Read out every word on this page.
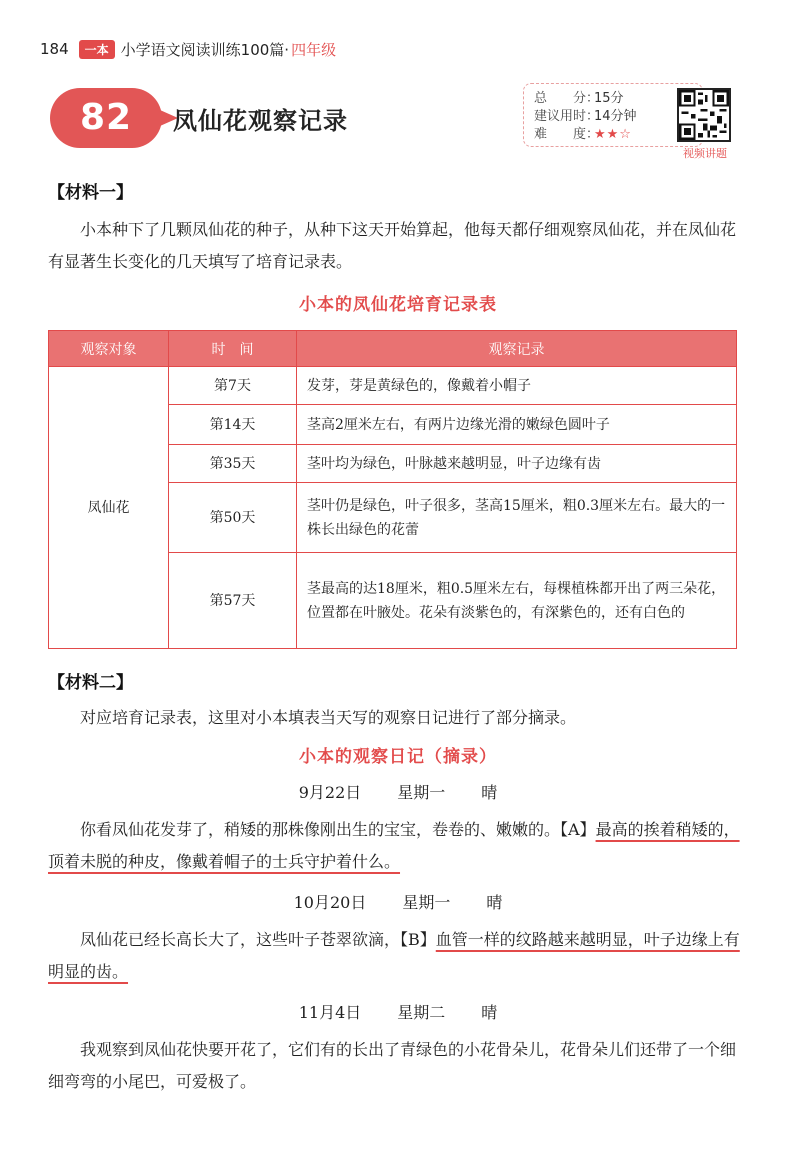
184	一本 小学语文阅读训练100篇· 四年级
82	凤仙花观察记录
总　　分：15分
建议用时：14分钟
难　　度：★★☆
视频讲题
【材料一】
小本种下了几颗凤仙花的种子，从种下这天开始算起，他每天都仔细观察凤仙花，并在凤仙花有显著生长变化的几天填写了培育记录表。
小本的凤仙花培育记录表
观察对象	时　间	观察记录
凤仙花	第7天	发芽，芽是黄绿色的，像戴着小帽子
	第14天	茎高2厘米左右，有两片边缘光滑的嫩绿色圆叶子
	第35天	茎叶均为绿色，叶脉越来越明显，叶子边缘有齿
	第50天	茎叶仍是绿色，叶子很多，茎高15厘米，粗0.3厘米左右。最大的一株长出绿色的花蕾
	第57天	茎最高的达18厘米，粗0.5厘米左右，每棵植株都开出了两三朵花，位置都在叶腋处。花朵有淡紫色的，有深紫色的，还有白色的
【材料二】
对应培育记录表，这里对小本填表当天写的观察日记进行了部分摘录。
小本的观察日记（摘录）
9月22日 星期一 晴
你看凤仙花发芽了，稍矮的那株像刚出生的宝宝，卷卷的、嫩嫩的。【A】最高的挨着稍矮的，顶着未脱的种皮，像戴着帽子的士兵守护着什么。
10月20日 星期一 晴
凤仙花已经长高长大了，这些叶子苍翠欲滴，【B】血管一样的纹路越来越明显，叶子边缘上有明显的齿。
11月4日 星期二 晴
我观察到凤仙花快要开花了，它们有的长出了青绿色的小花骨朵儿，花骨朵儿们还带了一个细细弯弯的小尾巴，可爱极了。
